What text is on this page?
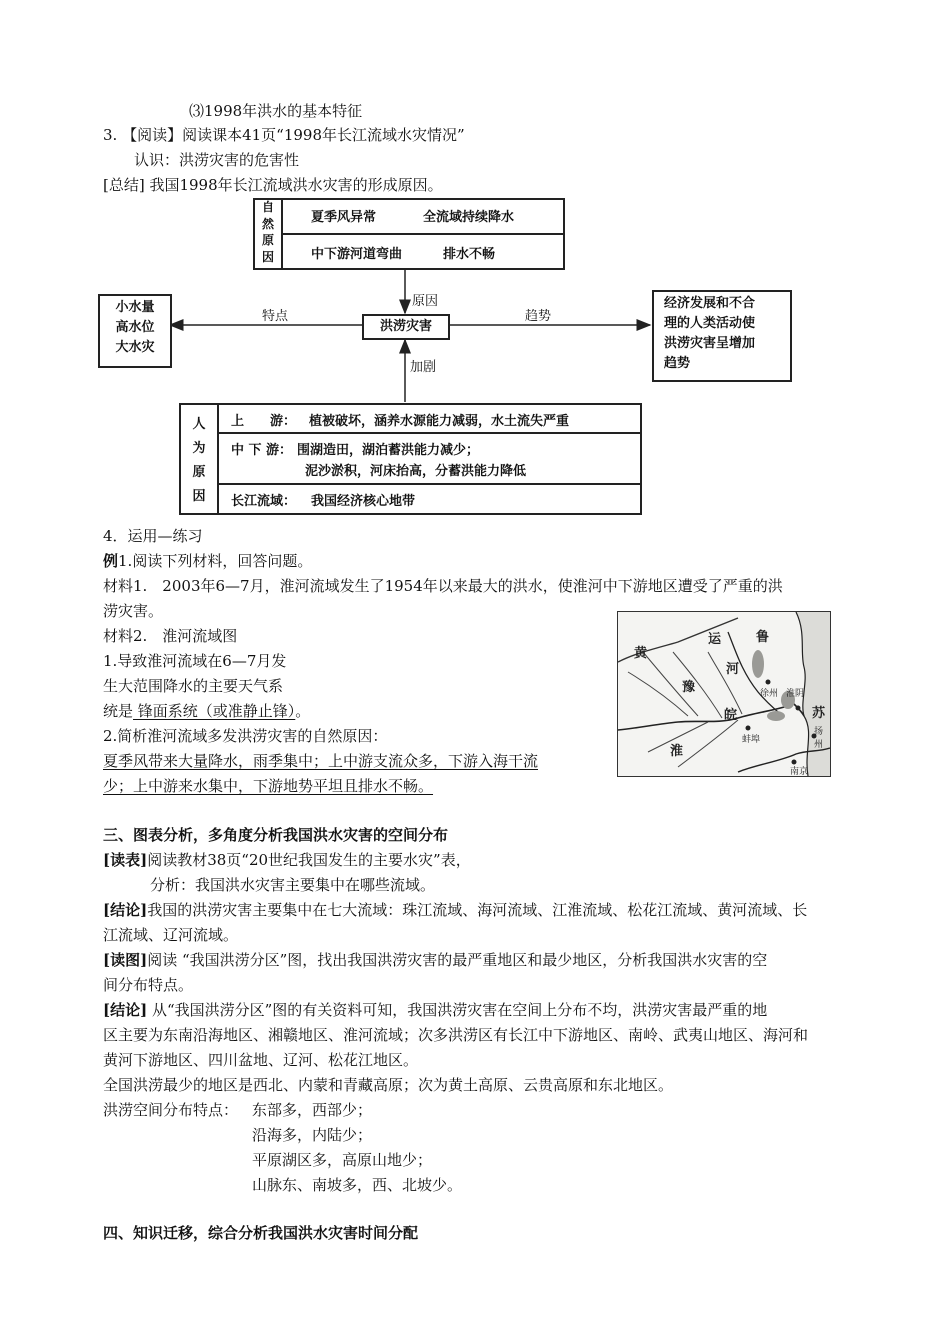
⑶1998年洪水的基本特征
3. 【阅读】阅读课本41页“1998年长江流域水灾情况”
认识：洪涝灾害的危害性
[总结] 我国1998年长江流域洪水灾害的形成原因。
自
然
原
因
夏季风异常	全流域持续降水
中下游河道弯曲	排水不畅
原因
特点	趋势
加剧
洪涝灾害
小水量
高水位
大水灾
经济发展和不合
理的人类活动使
洪涝灾害呈增加
趋势
人
为
原
因
上　　游： 植被破坏，涵养水源能力减弱，水土流失严重
中 下 游： 围湖造田，湖泊蓄洪能力减少；
泥沙淤积，河床抬高，分蓄洪能力降低
长江流域： 我国经济核心地带
4．运用—练习
例1.阅读下列材料，回答问题。
材料1.　2003年6—7月，淮河流域发生了1954年以来最大的洪水，使淮河中下游地区遭受了严重的洪
涝灾害。
材料2.　淮河流域图
1.导致淮河流域在6—7月发
生大范围降水的主要天气系
统是 锋面系统（或准静止锋）。
2.简析淮河流域多发洪涝灾害的自然原因：
夏季风带来大量降水，雨季集中；上中游支流众多，下游入海干流
少；上中游来水集中，下游地势平坦且排水不畅。
黄
运	鲁
河
豫
皖	苏
淮
徐州 淮阴
蚌埠
扬州
南京
三、图表分析，多角度分析我国洪水灾害的空间分布
[读表]阅读教材38页“20世纪我国发生的主要水灾”表，
分析：我国洪水灾害主要集中在哪些流域。
[结论]我国的洪涝灾害主要集中在七大流域：珠江流域、海河流域、江淮流域、松花江流域、黄河流域、长
江流域、辽河流域。
[读图]阅读 “我国洪涝分区”图，找出我国洪涝灾害的最严重地区和最少地区，分析我国洪水灾害的空
间分布特点。
[结论] 从“我国洪涝分区”图的有关资料可知，我国洪涝灾害在空间上分布不均，洪涝灾害最严重的地
区主要为东南沿海地区、湘赣地区、淮河流域；次多洪涝区有长江中下游地区、南岭、武夷山地区、海河和
黄河下游地区、四川盆地、辽河、松花江地区。
全国洪涝最少的地区是西北、内蒙和青藏高原；次为黄土高原、云贵高原和东北地区。
洪涝空间分布特点： 东部多，西部少；
沿海多，内陆少；
平原湖区多，高原山地少；
山脉东、南坡多，西、北坡少。
四、知识迁移，综合分析我国洪水灾害时间分配
